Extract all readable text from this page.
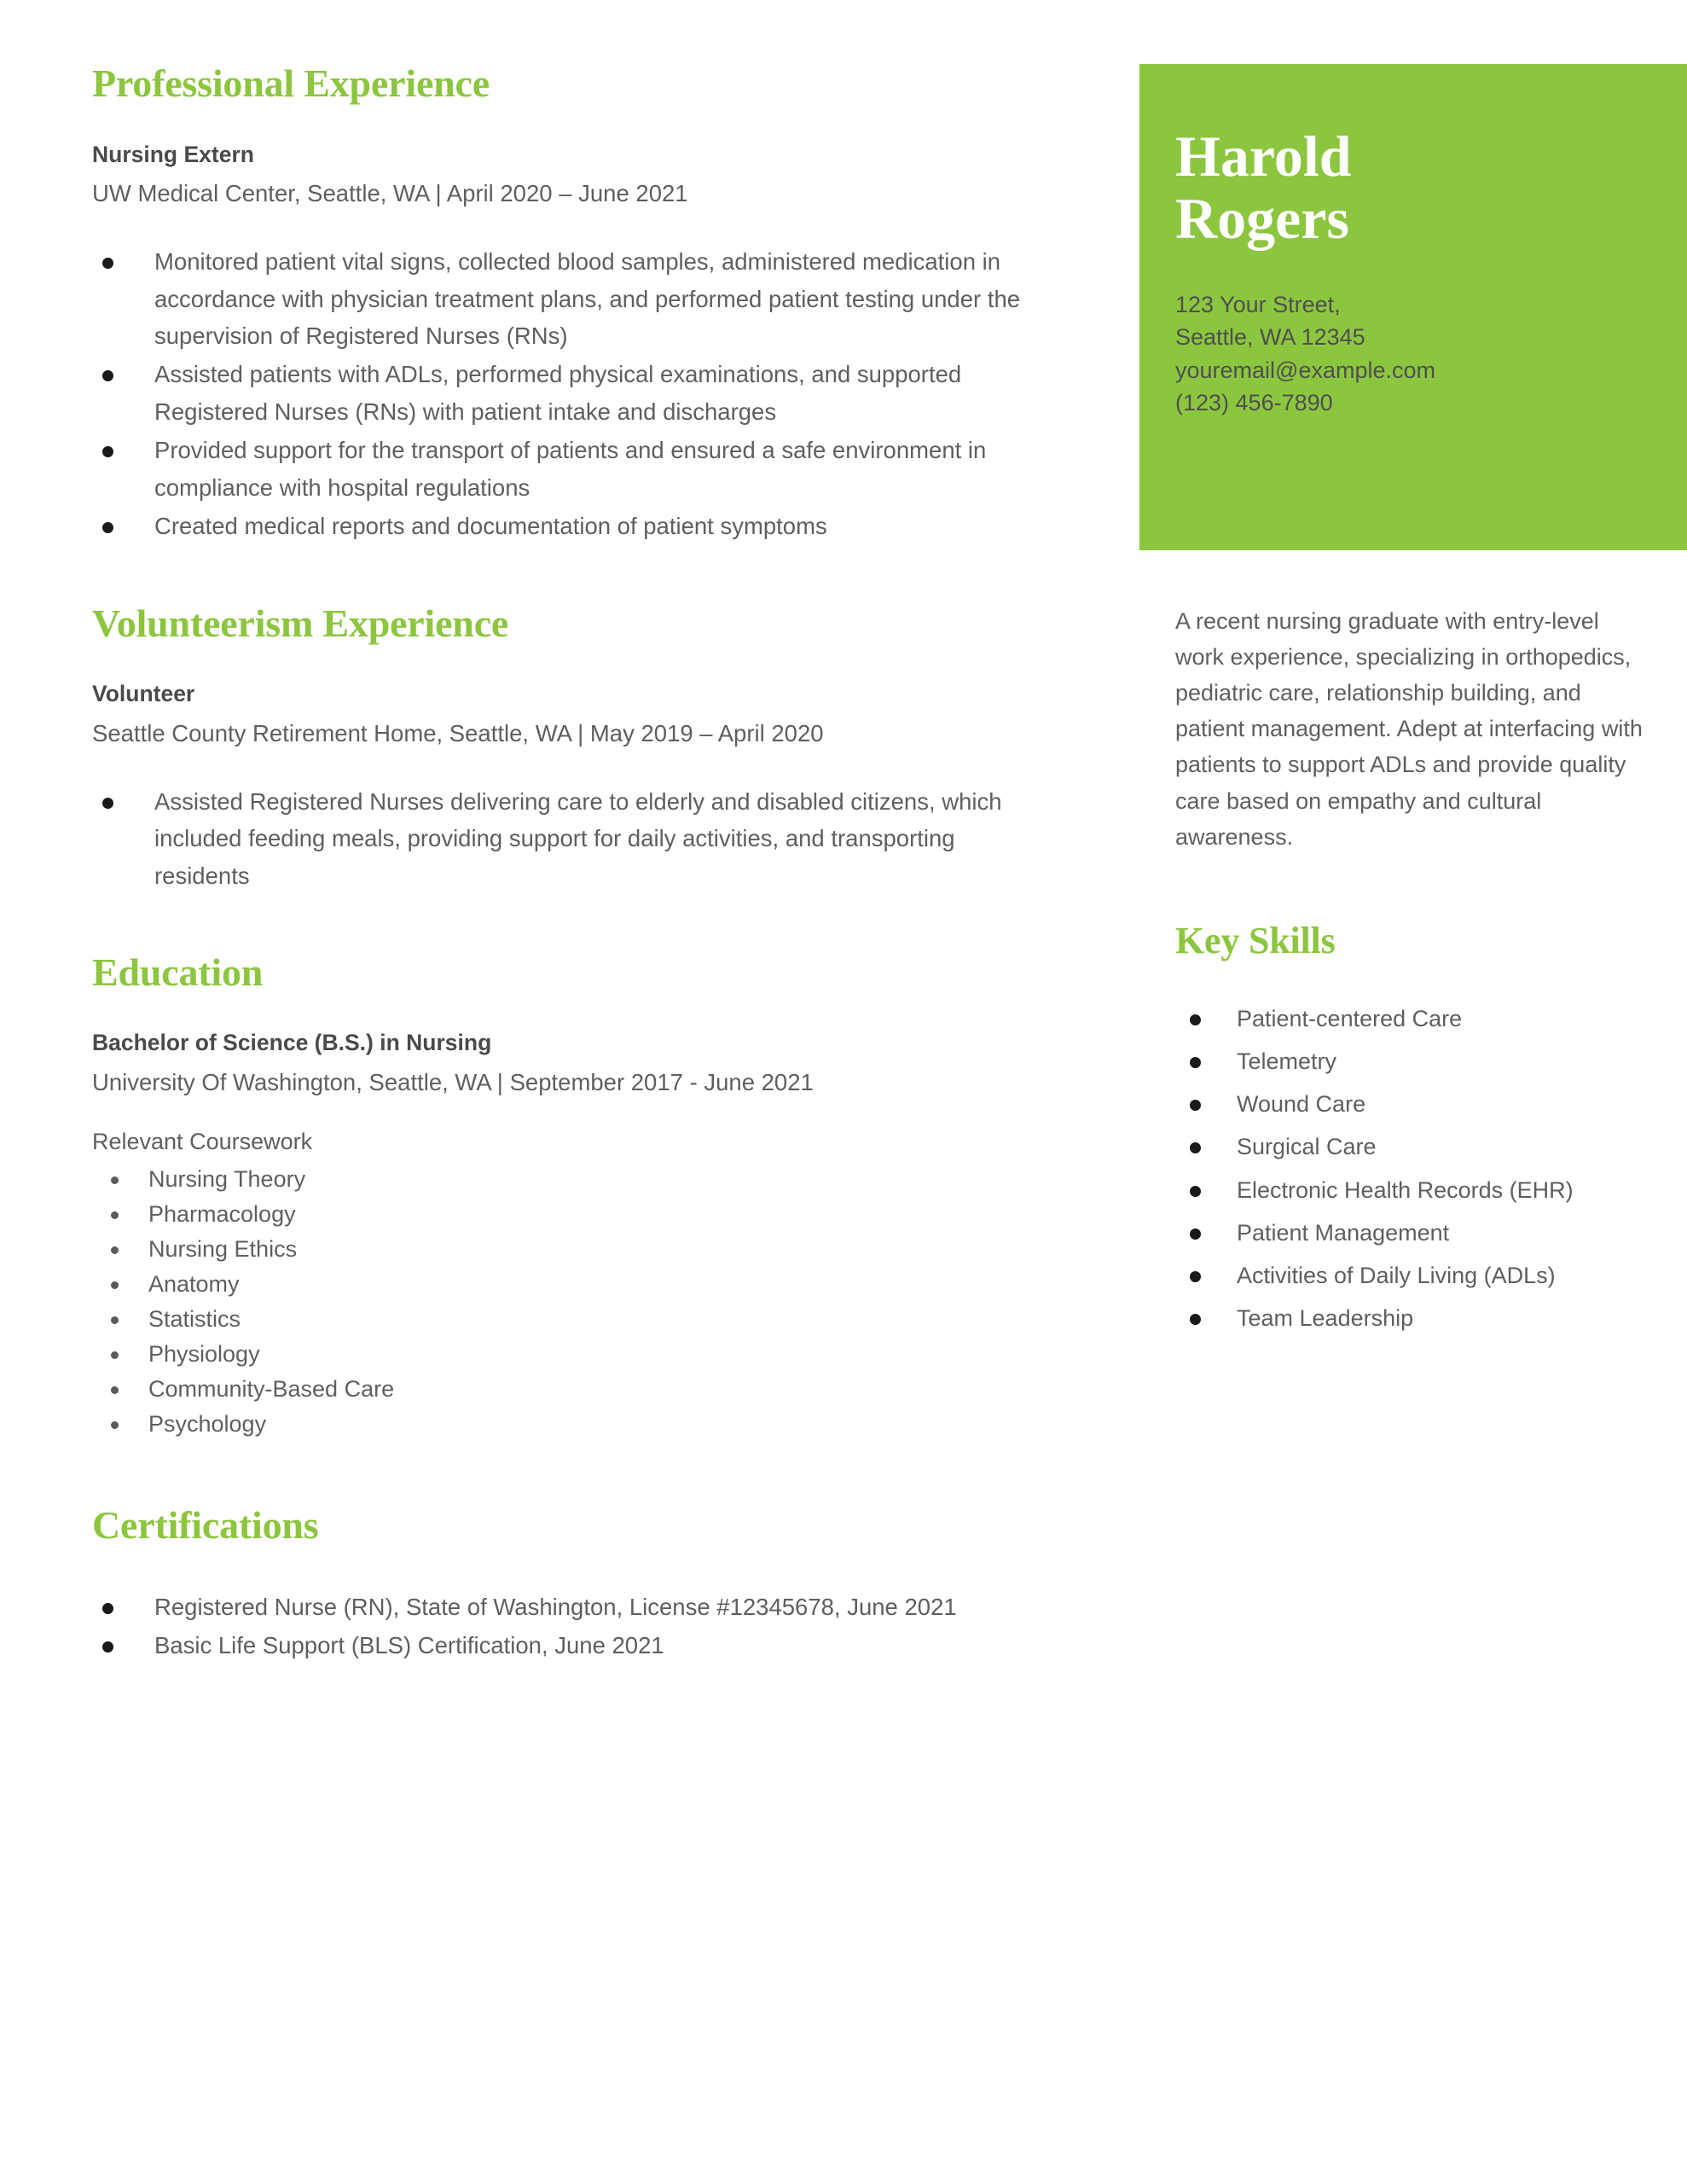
Professional Experience
Nursing Extern
UW Medical Center, Seattle, WA | April 2020 – June 2021
Monitored patient vital signs, collected blood samples, administered medication in accordance with physician treatment plans, and performed patient testing under the supervision of Registered Nurses (RNs)
Assisted patients with ADLs, performed physical examinations, and supported Registered Nurses (RNs) with patient intake and discharges
Provided support for the transport of patients and ensured a safe environment in compliance with hospital regulations
Created medical reports and documentation of patient symptoms
Volunteerism Experience
Volunteer
Seattle County Retirement Home, Seattle, WA | May 2019 – April 2020
Assisted Registered Nurses delivering care to elderly and disabled citizens, which included feeding meals, providing support for daily activities, and transporting residents
Education
Bachelor of Science (B.S.) in Nursing
University Of Washington, Seattle, WA | September 2017 - June 2021
Relevant Coursework
Nursing Theory
Pharmacology
Nursing Ethics
Anatomy
Statistics
Physiology
Community-Based Care
Psychology
Certifications
Registered Nurse (RN), State of Washington, License #12345678, June 2021
Basic Life Support (BLS) Certification, June 2021
Harold
Rogers
123 Your Street,
Seattle, WA 12345
youremail@example.com
(123) 456-7890
A recent nursing graduate with entry-level work experience, specializing in orthopedics, pediatric care, relationship building, and patient management. Adept at interfacing with patients to support ADLs and provide quality care based on empathy and cultural awareness.
Key Skills
Patient-centered Care
Telemetry
Wound Care
Surgical Care
Electronic Health Records (EHR)
Patient Management
Activities of Daily Living (ADLs)
Team Leadership
